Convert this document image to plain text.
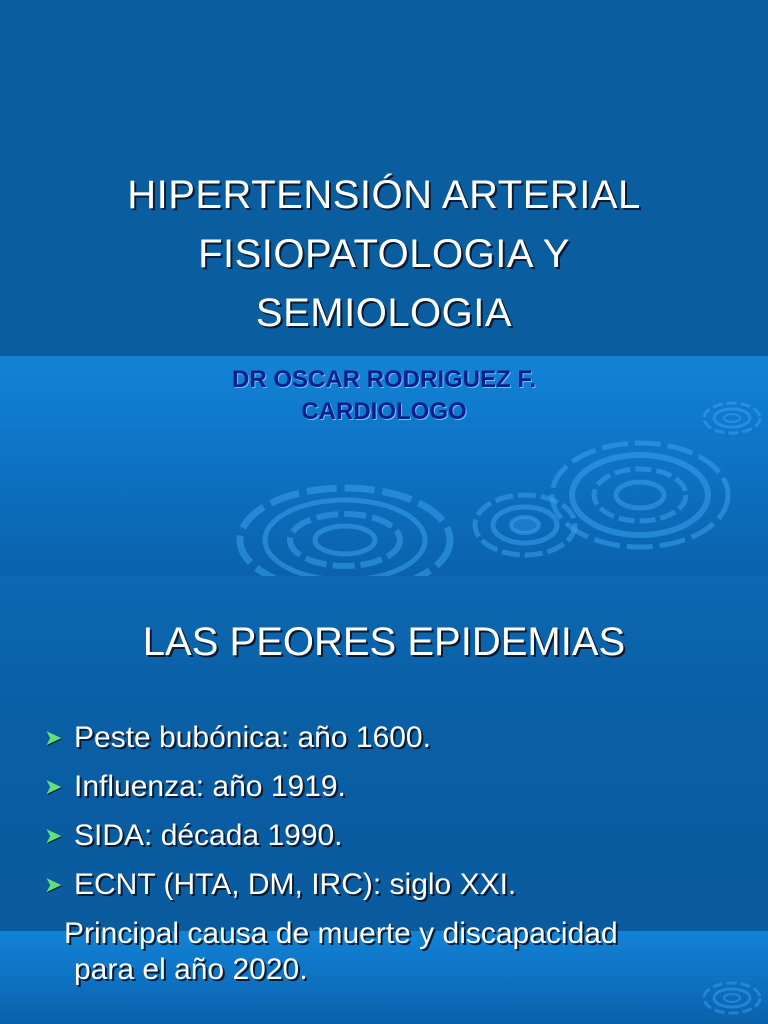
HIPERTENSIÓN ARTERIAL
FISIOPATOLOGIA Y
SEMIOLOGIA
DR OSCAR RODRIGUEZ F.
CARDIOLOGO
LAS PEORES EPIDEMIAS
➤ Peste bubónica: año 1600.
➤ Influenza: año 1919.
➤ SIDA: década 1990.
➤ ECNT (HTA, DM, IRC): siglo XXI.
Principal causa de muerte y discapacidad
para el año 2020.
